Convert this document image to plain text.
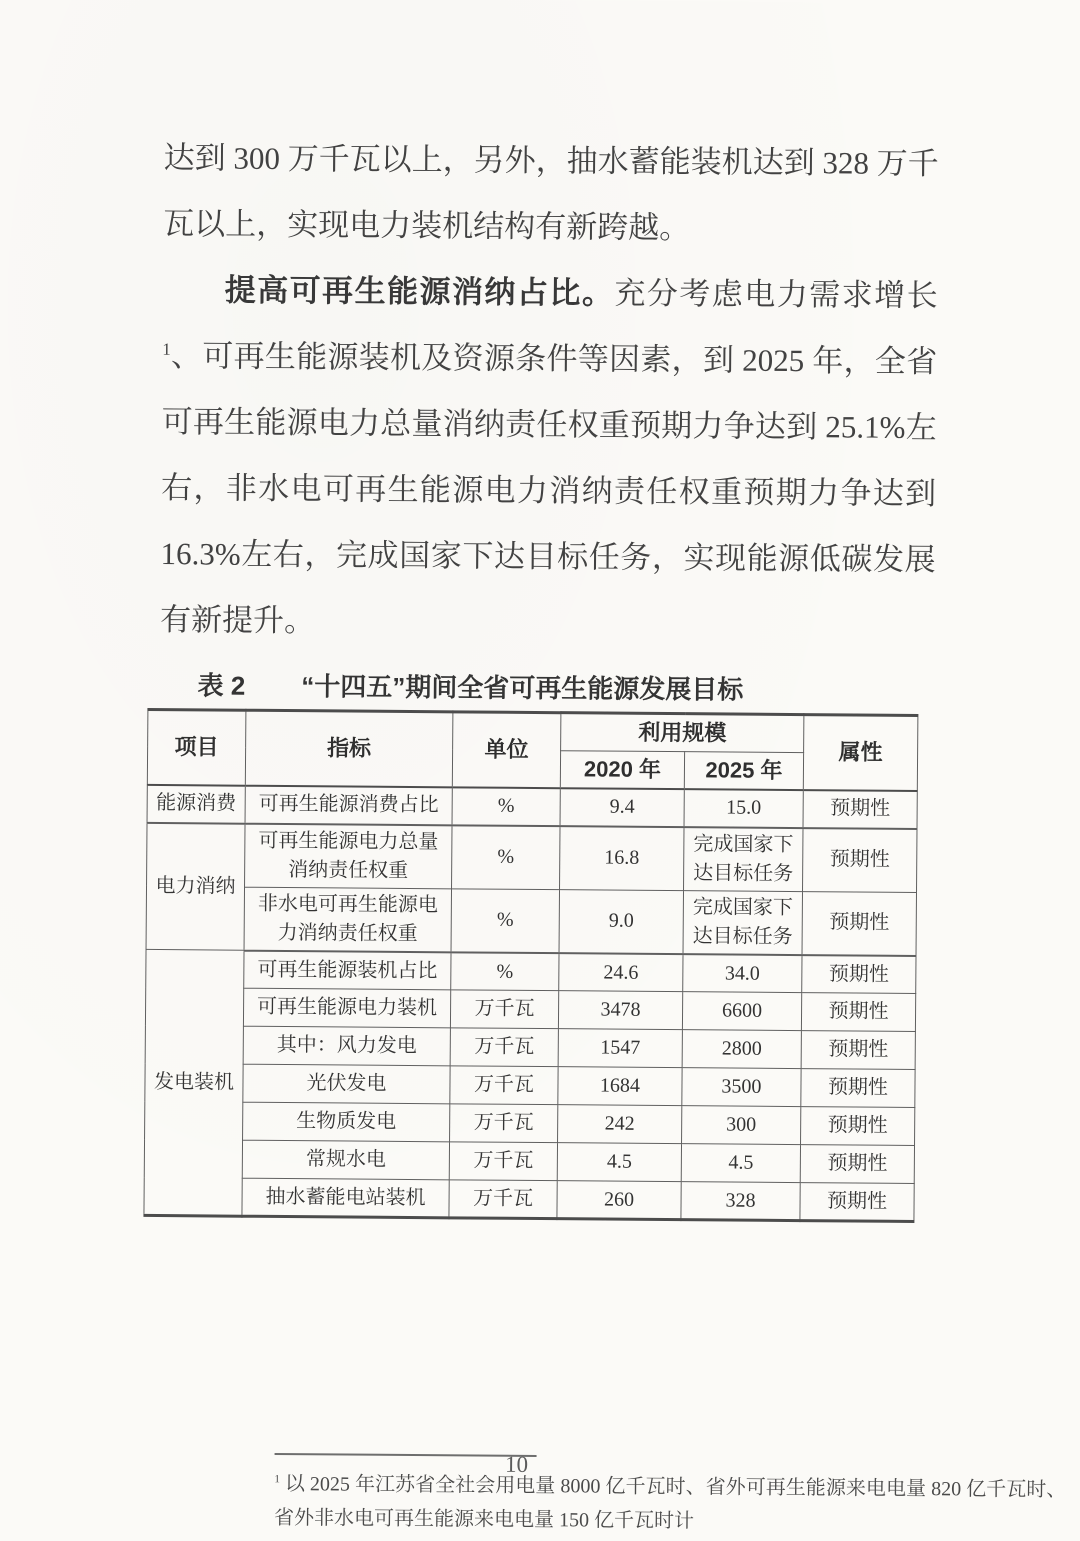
达到 300 万千瓦以上，另外，抽水蓄能装机达到 328 万千瓦以上，实现电力装机结构有新跨越。

提高可再生能源消纳占比。充分考虑电力需求增长$^1$、可再生能源装机及资源条件等因素，到 2025 年，全省可再生能源电力总量消纳责任权重预期力争达到 25.1%左右，非水电可再生能源电力消纳责任权重预期力争达到 16.3%左右，完成国家下达目标任务，实现能源低碳发展有新提升。

表 2 “十四五”期间全省可再生能源发展目标
项目	指标	单位	利用规模		属性
			2020 年	2025 年	
能源消费	可再生能源消费占比	%	9.4	15.0	预期性
电力消纳	可再生能源电力总量消纳责任权重	%	16.8	完成国家下达目标任务	预期性
	非水电可再生能源电力消纳责任权重	%	9.0	完成国家下达目标任务	预期性
发电装机	可再生能源装机占比	%	24.6	34.0	预期性
	可再生能源电力装机	万千瓦	3478	6600	预期性
	其中：风力发电	万千瓦	1547	2800	预期性
	光伏发电	万千瓦	1684	3500	预期性
	生物质发电	万千瓦	242	300	预期性
	常规水电	万千瓦	4.5	4.5	预期性
	抽水蓄能电站装机	万千瓦	260	328	预期性

$^1$ 以 2025 年江苏省全社会用电量 8000 亿千瓦时、省外可再生能源来电电量 820 亿千瓦时、省外非水电可再生能源来电电量 150 亿千瓦时计

10
